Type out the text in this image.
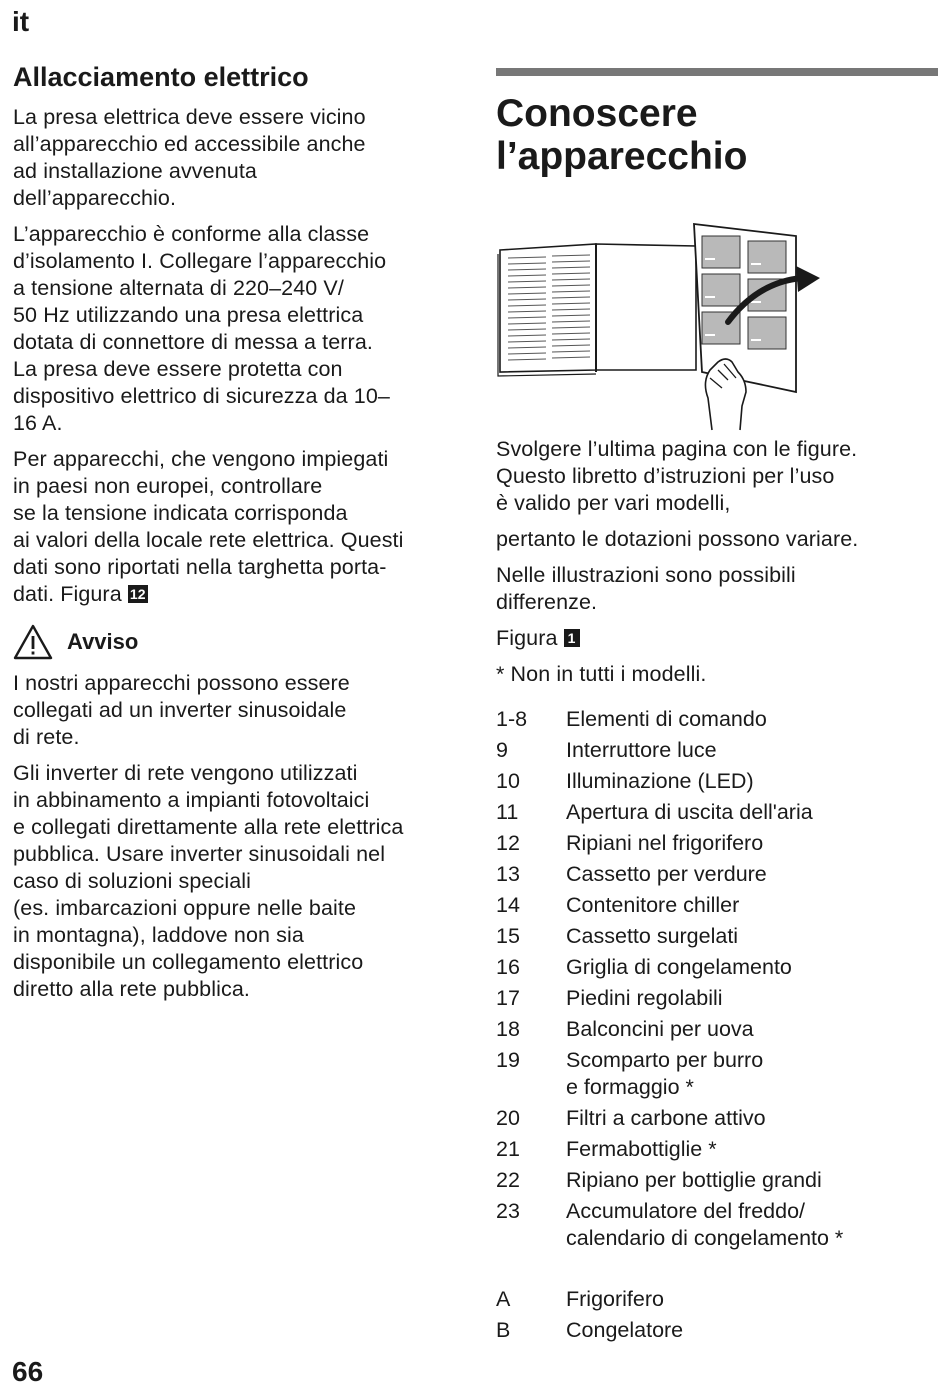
it
Allacciamento elettrico

La presa elettrica deve essere vicino
all’apparecchio ed accessibile anche
ad installazione avvenuta
dell’apparecchio.

L’apparecchio è conforme alla classe
d’isolamento I. Collegare l’apparecchio
a tensione alternata di 220–240 V/
50 Hz utilizzando una presa elettrica
dotata di connettore di messa a terra.
La presa deve essere protetta con
dispositivo elettrico di sicurezza da 10–
16 A.

Per apparecchi, che vengono impiegati
in paesi non europei, controllare
se la tensione indicata corrisponda
ai valori della locale rete elettrica. Questi
dati sono riportati nella targhetta porta-
dati. Figura 12

Avviso

I nostri apparecchi possono essere
collegati ad un inverter sinusoidale
di rete.

Gli inverter di rete vengono utilizzati
in abbinamento a impianti fotovoltaici
e collegati direttamente alla rete elettrica
pubblica. Usare inverter sinusoidali nel
caso di soluzioni speciali
(es. imbarcazioni oppure nelle baite
in montagna), laddove non sia
disponibile un collegamento elettrico
diretto alla rete pubblica.

Conoscere
l’apparecchio

Svolgere l’ultima pagina con le figure.
Questo libretto d’istruzioni per l’uso
è valido per vari modelli,

pertanto le dotazioni possono variare.

Nelle illustrazioni sono possibili
differenze.

Figura 1

* Non in tutti i modelli.

1-8	Elementi di comando
9	Interruttore luce
10	Illuminazione (LED)
11	Apertura di uscita dell'aria
12	Ripiani nel frigorifero
13	Cassetto per verdure
14	Contenitore chiller
15	Cassetto surgelati
16	Griglia di congelamento
17	Piedini regolabili
18	Balconcini per uova
19	Scomparto per burro
e formaggio *
20	Filtri a carbone attivo
21	Fermabottiglie *
22	Ripiano per bottiglie grandi
23	Accumulatore del freddo/
calendario di congelamento *
A	Frigorifero
B	Congelatore
66
